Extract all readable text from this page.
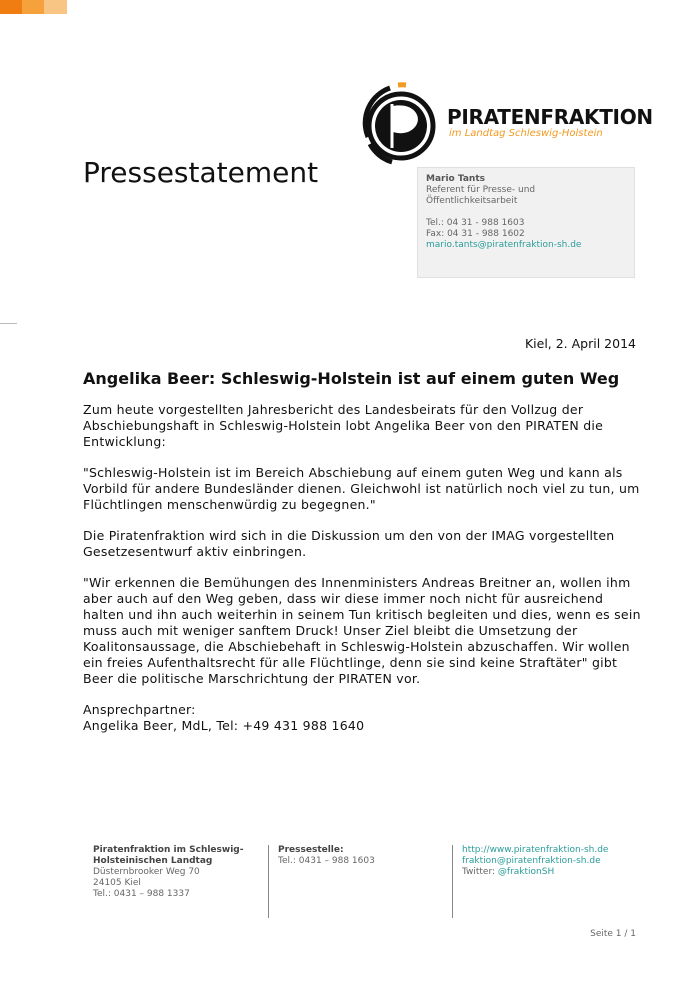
PIRATENFRAKTION
im Landtag Schleswig-Holstein
Pressestatement	Mario Tants
Referent für Presse- und Öffentlichkeitsarbeit
Tel.: 04 31 - 988 1603
Fax: 04 31 - 988 1602
mario.tants@piratenfraktion-sh.de
Kiel, 2. April 2014
Angelika Beer: Schleswig-Holstein ist auf einem guten Weg

Zum heute vorgestellten Jahresbericht des Landesbeirats für den Vollzug der Abschiebungshaft in Schleswig-Holstein lobt Angelika Beer von den PIRATEN die Entwicklung:

"Schleswig-Holstein ist im Bereich Abschiebung auf einem guten Weg und kann als Vorbild für andere Bundesländer dienen. Gleichwohl ist natürlich noch viel zu tun, um Flüchtlingen menschenwürdig zu begegnen."

Die Piratenfraktion wird sich in die Diskussion um den von der IMAG vorgestellten Gesetzesentwurf aktiv einbringen.

"Wir erkennen die Bemühungen des Innenministers Andreas Breitner an, wollen ihm aber auch auf den Weg geben, dass wir diese immer noch nicht für ausreichend halten und ihn auch weiterhin in seinem Tun kritisch begleiten und dies, wenn es sein muss auch mit weniger sanftem Druck! Unser Ziel bleibt die Umsetzung der Koalitonsaussage, die Abschiebehaft in Schleswig-Holstein abzuschaffen. Wir wollen ein freies Aufenthaltsrecht für alle Flüchtlinge, denn sie sind keine Straftäter" gibt Beer die politische Marschrichtung der PIRATEN vor.

Ansprechpartner:
Angelika Beer, MdL, Tel: +49 431 988 1640

Piratenfraktion im Schleswig-Holsteinischen Landtag
Düsternbrooker Weg 70
24105 Kiel
Tel.: 0431 – 988 1337
Pressestelle:
Tel.: 0431 – 988 1603
http://www.piratenfraktion-sh.de
fraktion@piratenfraktion-sh.de
Twitter: @fraktionSH
Seite 1 / 1
